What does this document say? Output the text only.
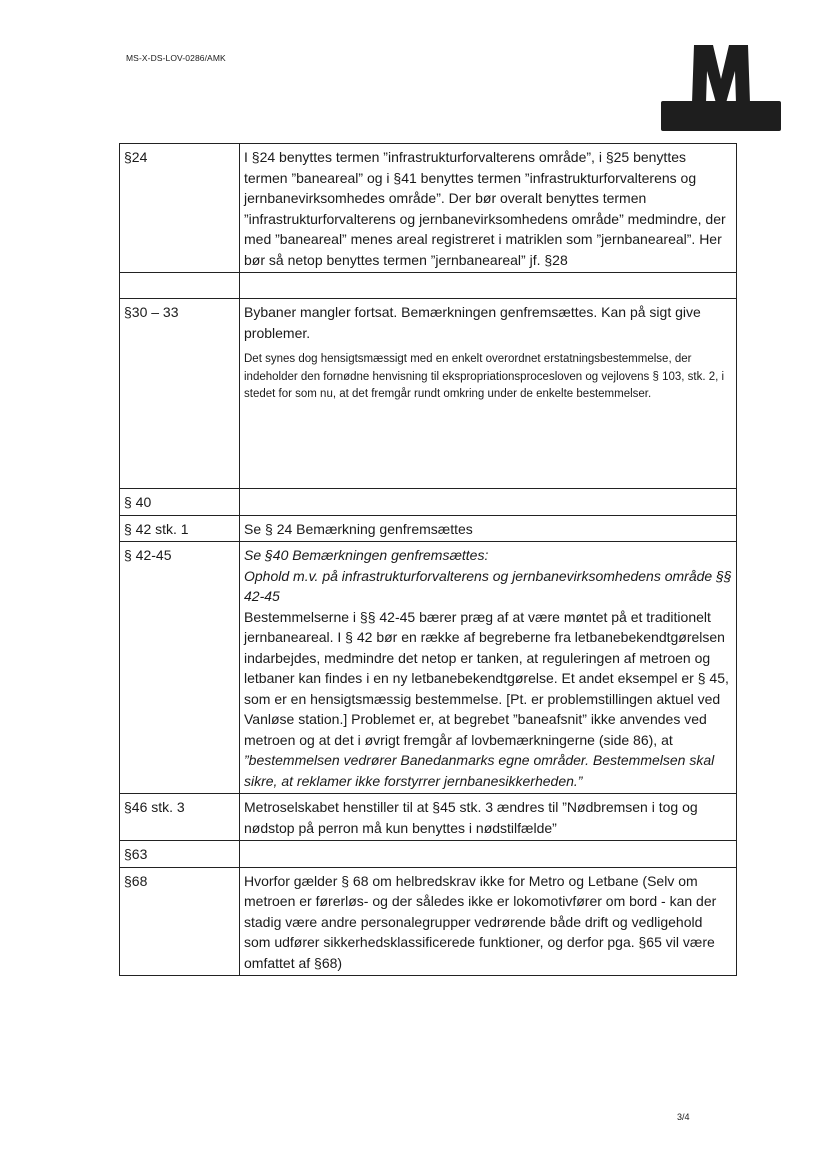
MS-X-DS-LOV-0286/AMK
§24	I §24 benyttes termen ”infrastrukturforvalterens område”, i §25 benyttes termen ”baneareal” og i §41 benyttes termen ”infrastrukturforvalterens og jernbanevirksomhedes område”. Der bør overalt benyttes termen ”infrastrukturforvalterens og jernbanevirksomhedens område” medmindre, der med ”baneareal” menes areal registreret i matriklen som ”jernbaneareal”. Her bør så netop benyttes termen ”jernbaneareal” jf. §28

§30 – 33	Bybaner mangler fortsat. Bemærkningen genfremsættes. Kan på sigt give problemer.
Det synes dog hensigtsmæssigt med en enkelt overordnet erstatningsbestemmelse, der indeholder den fornødne henvisning til ekspropriationsprocesloven og vejlovens § 103, stk. 2, i stedet for som nu, at det fremgår rundt omkring under de enkelte bestemmelser.

§ 40	
§ 42 stk. 1	Se § 24 Bemærkning genfremsættes
§ 42-45	Se §40 Bemærkningen genfremsættes:
Ophold m.v. på infrastrukturforvalterens og jernbanevirksomhedens område §§ 42-45
Bestemmelserne i §§ 42-45 bærer præg af at være møntet på et traditionelt jernbaneareal. I § 42 bør en række af begreberne fra letbanebekendtgørelsen indarbejdes, medmindre det netop er tanken, at reguleringen af metroen og letbaner kan findes i en ny letbanebekendtgørelse. Et andet eksempel er § 45, som er en hensigtsmæssig bestemmelse. [Pt. er problemstillingen aktuel ved Vanløse station.] Problemet er, at begrebet ”baneafsnit” ikke anvendes ved metroen og at det i øvrigt fremgår af lovbemærkningerne (side 86), at
”bestemmelsen vedrører Banedanmarks egne områder. Bestemmelsen skal sikre, at reklamer ikke forstyrrer jernbanesikkerheden.”

§46 stk. 3	Metroselskabet henstiller til at §45 stk. 3 ændres til ”Nødbremsen i tog og nødstop på perron må kun benyttes i nødstilfælde”
§63	
§68	Hvorfor gælder § 68 om helbredskrav ikke for Metro og Letbane (Selv om metroen er førerløs- og der således ikke er lokomotivfører om bord - kan der stadig være andre personalegrupper vedrørende både drift og vedligehold som udfører sikkerhedsklassificerede funktioner, og derfor pga. §65 vil være omfattet af §68)
3/4
